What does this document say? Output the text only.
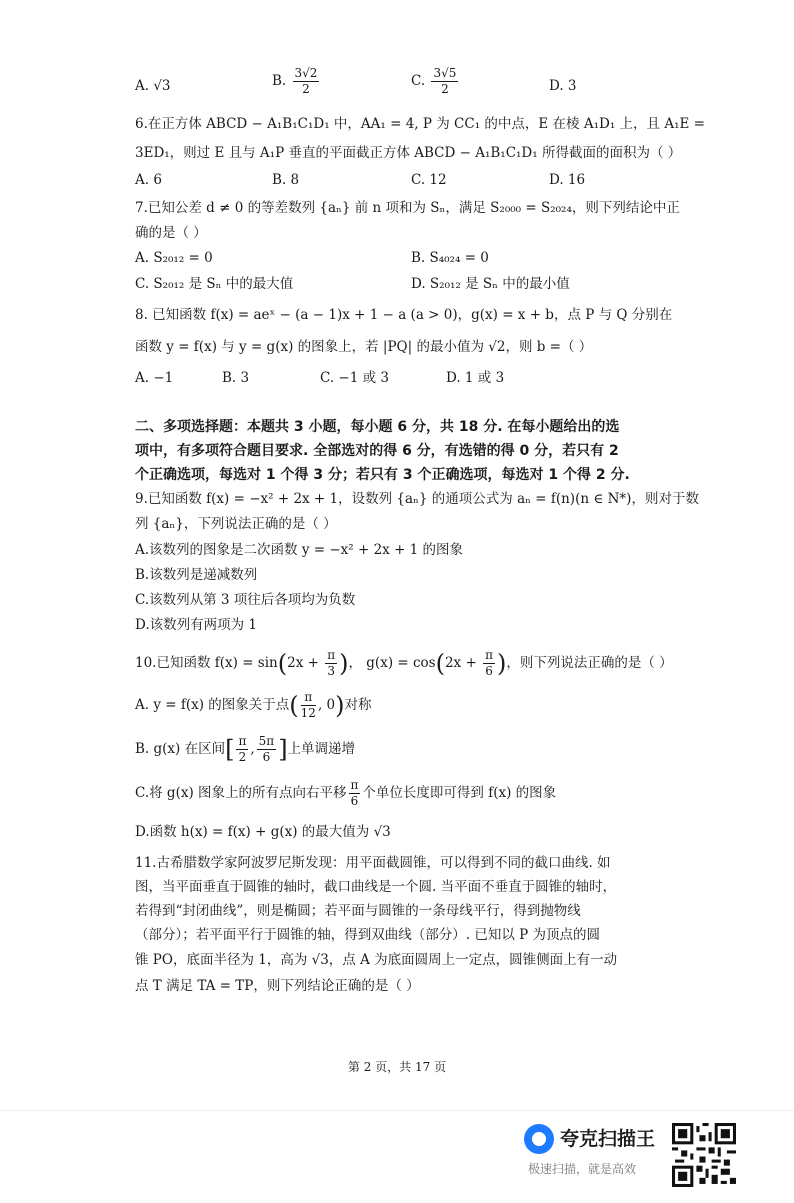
A. √3	B. $\frac{3√2}{2}$	C. $\frac{3√5}{2}$	D. 3
6.在正方体 ABCD − A₁B₁C₁D₁ 中，AA₁ = 4, P 为 CC₁ 的中点，E 在棱 A₁D₁ 上，且 A₁E =
3ED₁，则过 E 且与 A₁P 垂直的平面截正方体 ABCD − A₁B₁C₁D₁ 所得截面的面积为（ ）
A. 6	B. 8	C. 12	D. 16
7.已知公差 d ≠ 0 的等差数列 {aₙ} 前 n 项和为 Sₙ，满足 S₂₀₀₀ = S₂₀₂₄，则下列结论中正
确的是（ ）
A. S₂₀₁₂ = 0	B. S₄₀₂₄ = 0
C. S₂₀₁₂ 是 Sₙ 中的最大值	D. S₂₀₁₂ 是 Sₙ 中的最小值
8. 已知函数 f(x) = aeˣ − (a − 1)x + 1 − a (a > 0)，g(x) = x + b，点 P 与 Q 分别在
函数 y = f(x) 与 y = g(x) 的图象上，若 |PQ| 的最小值为 √2，则 b =（ ）
A. −1	B. 3	C. −1 或 3	D. 1 或 3
二、多项选择题：本题共 3 小题，每小题 6 分，共 18 分. 在每小题给出的选
项中，有多项符合题目要求. 全部选对的得 6 分，有选错的得 0 分，若只有 2
个正确选项，每选对 1 个得 3 分；若只有 3 个正确选项，每选对 1 个得 2 分.
9.已知函数 f(x) = −x² + 2x + 1，设数列 {aₙ} 的通项公式为 aₙ = f(n)(n ∈ N*)，则对于数
列 {aₙ}，下列说法正确的是（ ）
A.该数列的图象是二次函数 y = −x² + 2x + 1 的图象
B.该数列是递减数列
C.该数列从第 3 项往后各项均为负数
D.该数列有两项为 1
10.已知函数 $f(x) = \sin(2x + \frac{\pi}{3}$ )， $g(x) = \cos(2x + \frac{\pi}{6}$ )，则下列说法正确的是（ ）
A. y = f(x) 的图象关于点( $\frac{\pi}{12}$ , 0)对称
B. g(x) 在区间[ $\frac{\pi}{2}$ , $\frac{5\pi}{6}$ ]上单调递增
C.将 g(x) 图象上的所有点向右平移 $\frac{\pi}{6}$ 个单位长度即可得到 f(x) 的图象
D.函数 h(x) = f(x) + g(x) 的最大值为 √3
11.古希腊数学家阿波罗尼斯发现：用平面截圆锥，可以得到不同的截口曲线. 如
图，当平面垂直于圆锥的轴时，截口曲线是一个圆. 当平面不垂直于圆锥的轴时，
若得到“封闭曲线”，则是椭圆；若平面与圆锥的一条母线平行，得到抛物线
（部分）；若平面平行于圆锥的轴，得到双曲线（部分）. 已知以 P 为顶点的圆
锥 PO，底面半径为 1，高为 √3，点 A 为底面圆周上一定点，圆锥侧面上有一动
点 T 满足 TA = TP，则下列结论正确的是（ ）
第 2 页，共 17 页
夸克扫描王
极速扫描，就是高效
